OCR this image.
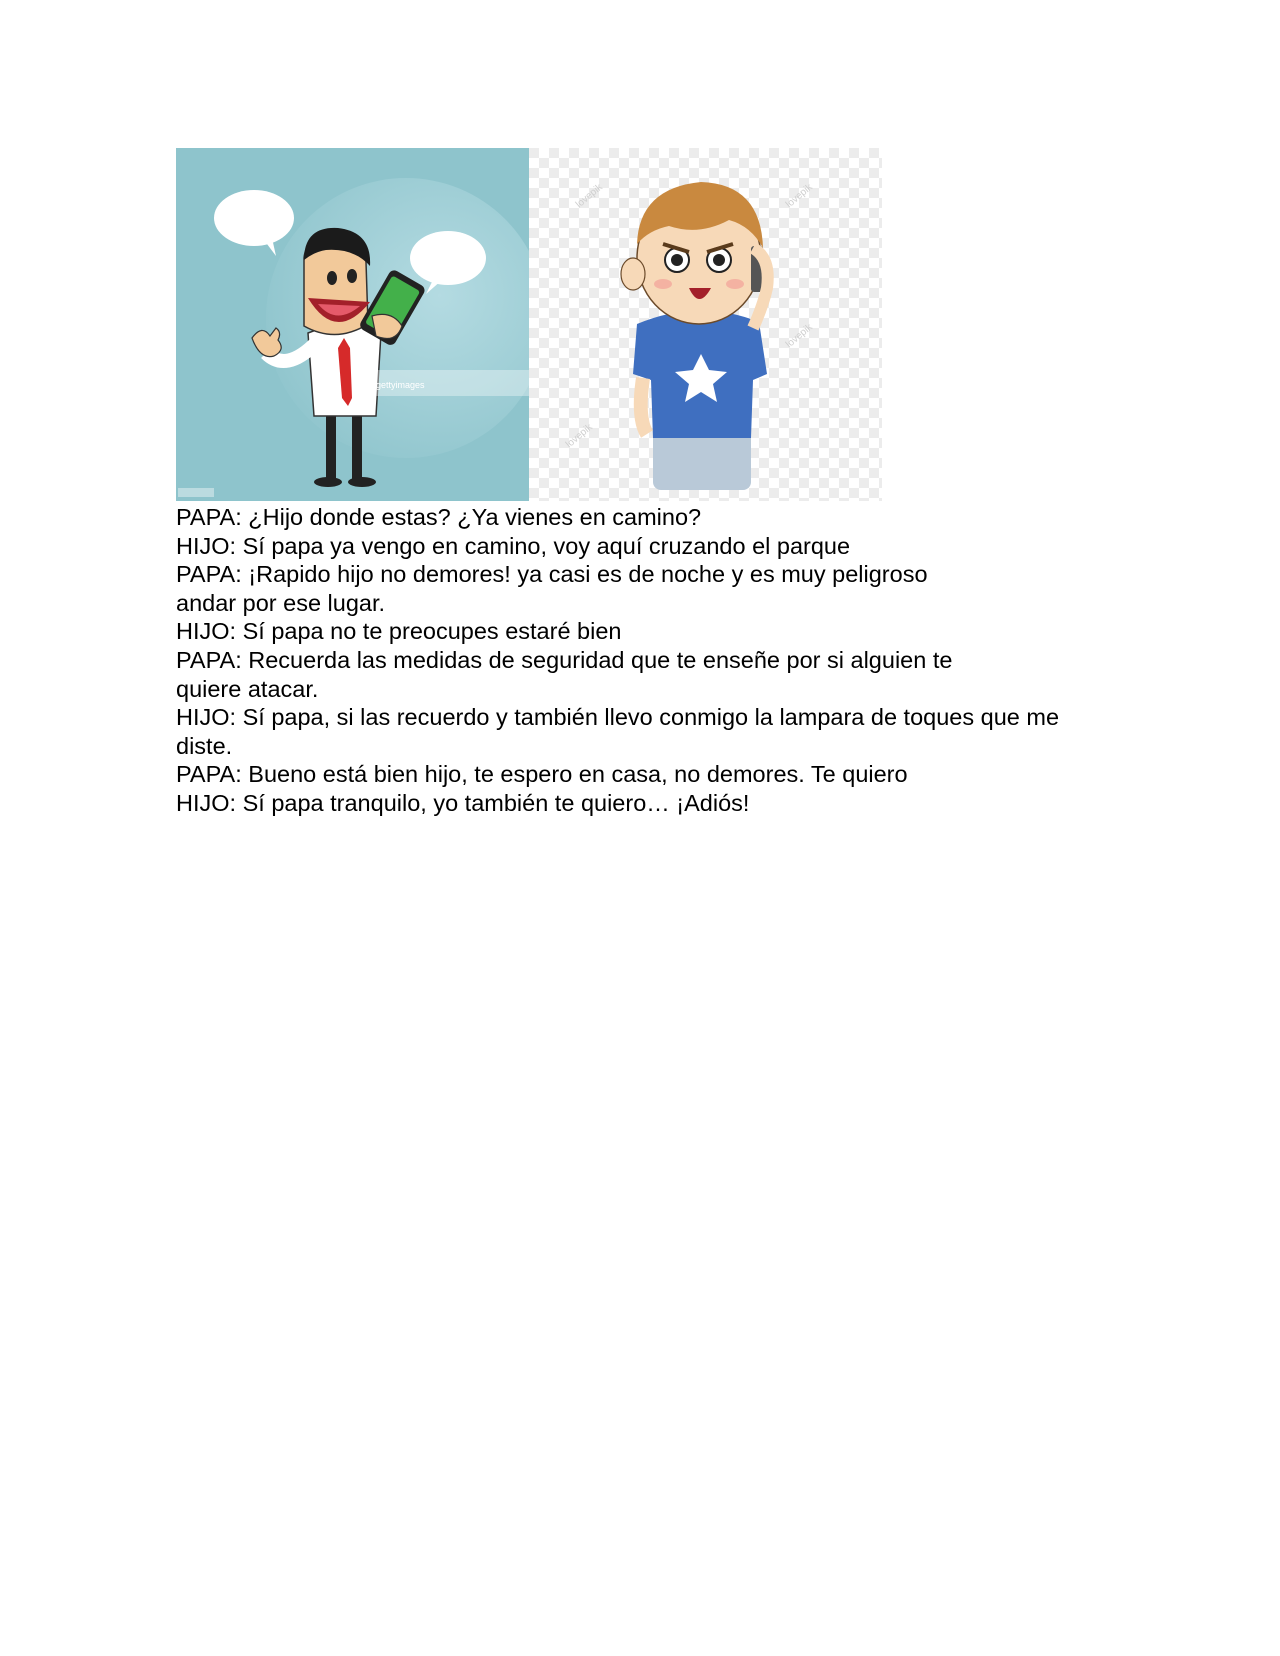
gettyimages
lovepik	lovepik
lovepik
lovepik

PAPA: ¿Hijo donde estas? ¿Ya vienes en camino?

HIJO: Sí papa ya vengo en camino, voy aquí cruzando el parque

PAPA: ¡Rapido hijo no demores! ya casi es de noche y es muy peligroso andar por ese lugar.

HIJO: Sí papa no te preocupes estaré bien

PAPA: Recuerda las medidas de seguridad que te enseñe por si alguien te quiere atacar.

HIJO: Sí papa, si las recuerdo y también llevo conmigo la lampara de toques que me diste.

PAPA: Bueno está bien hijo, te espero en casa, no demores. Te quiero

HIJO: Sí papa tranquilo, yo también te quiero… ¡Adiós!
